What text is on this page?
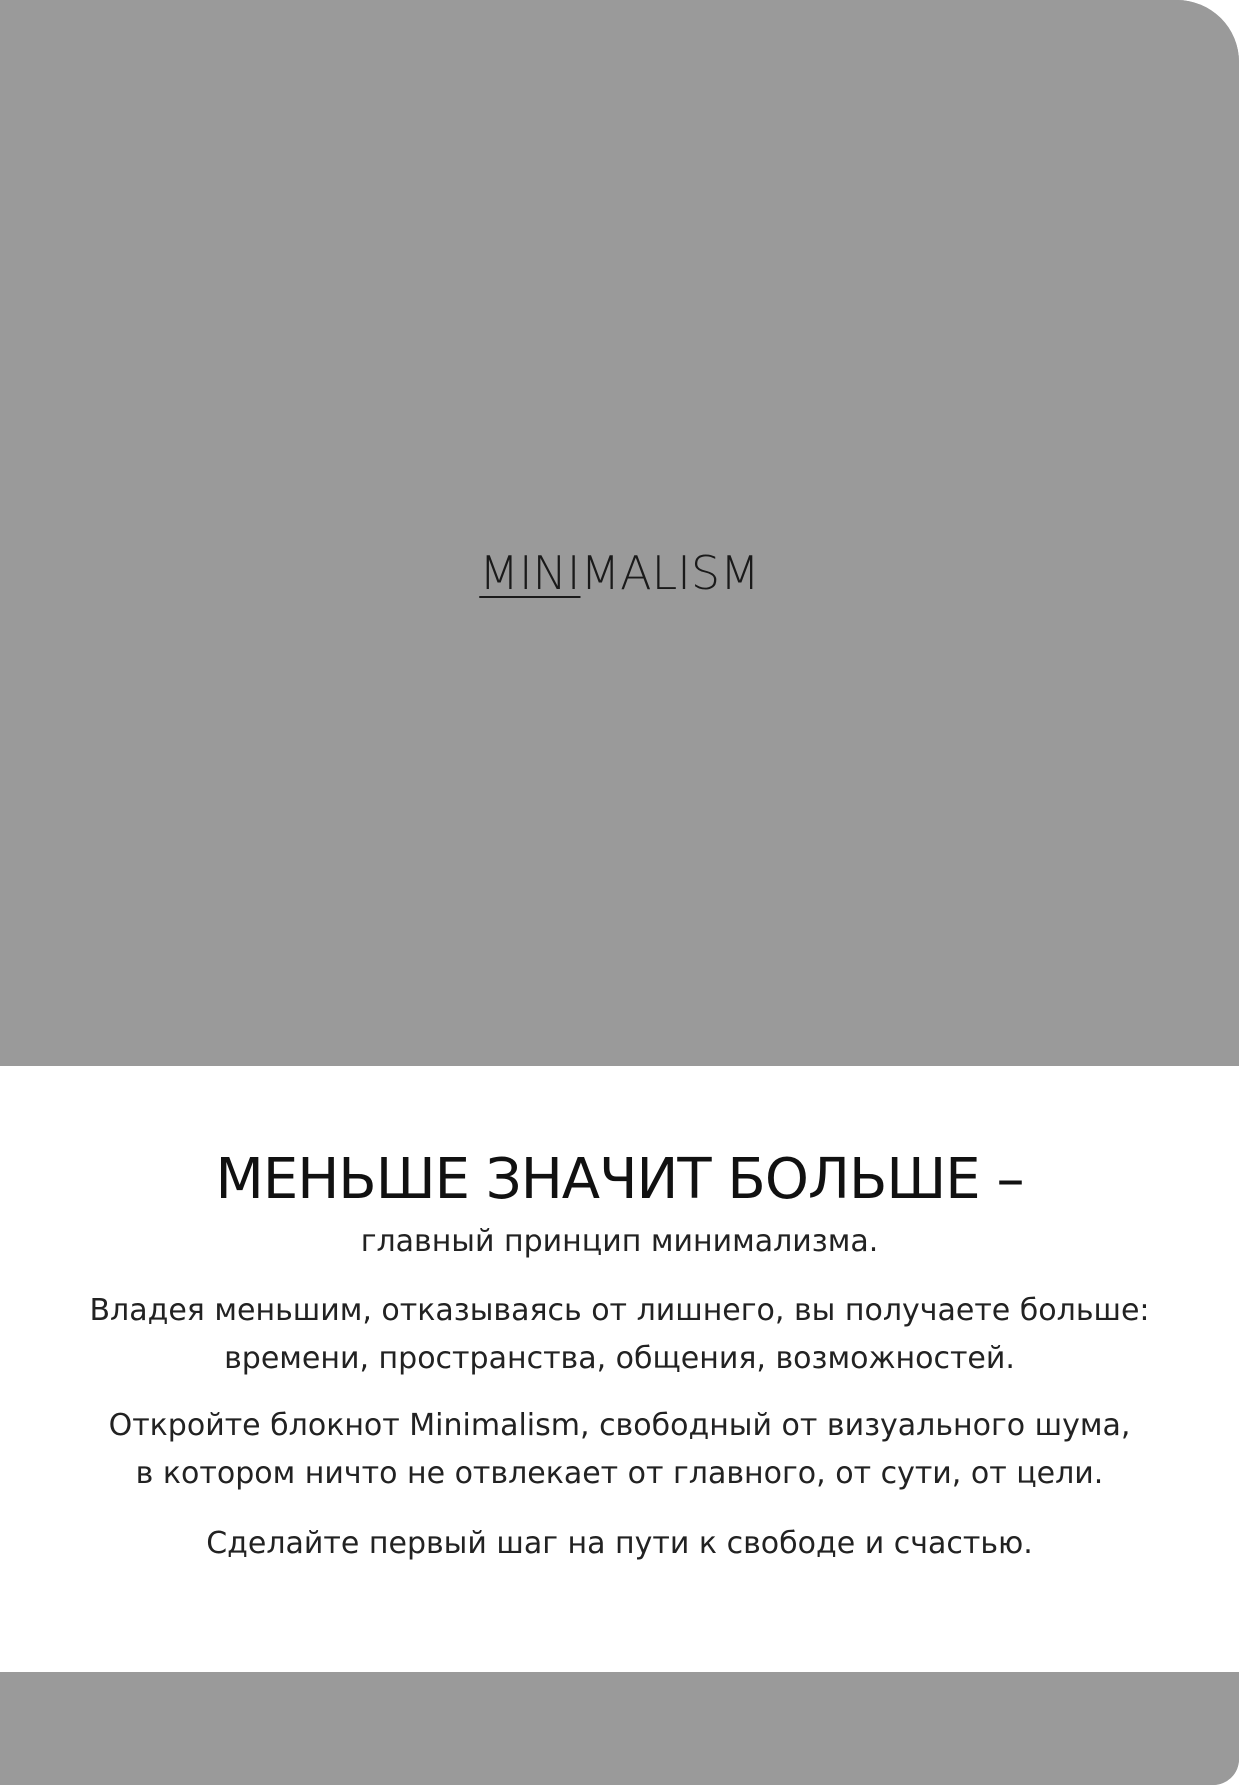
MINIMALISM
МЕНЬШЕ ЗНАЧИТ БОЛЬШЕ –
главный принцип минимализма.
Владея меньшим, отказываясь от лишнего, вы получаете больше:
времени, пространства, общения, возможностей.
Откройте блокнот Minimalism, свободный от визуального шума,
в котором ничто не отвлекает от главного, от сути, от цели.
Сделайте первый шаг на пути к свободе и счастью.
